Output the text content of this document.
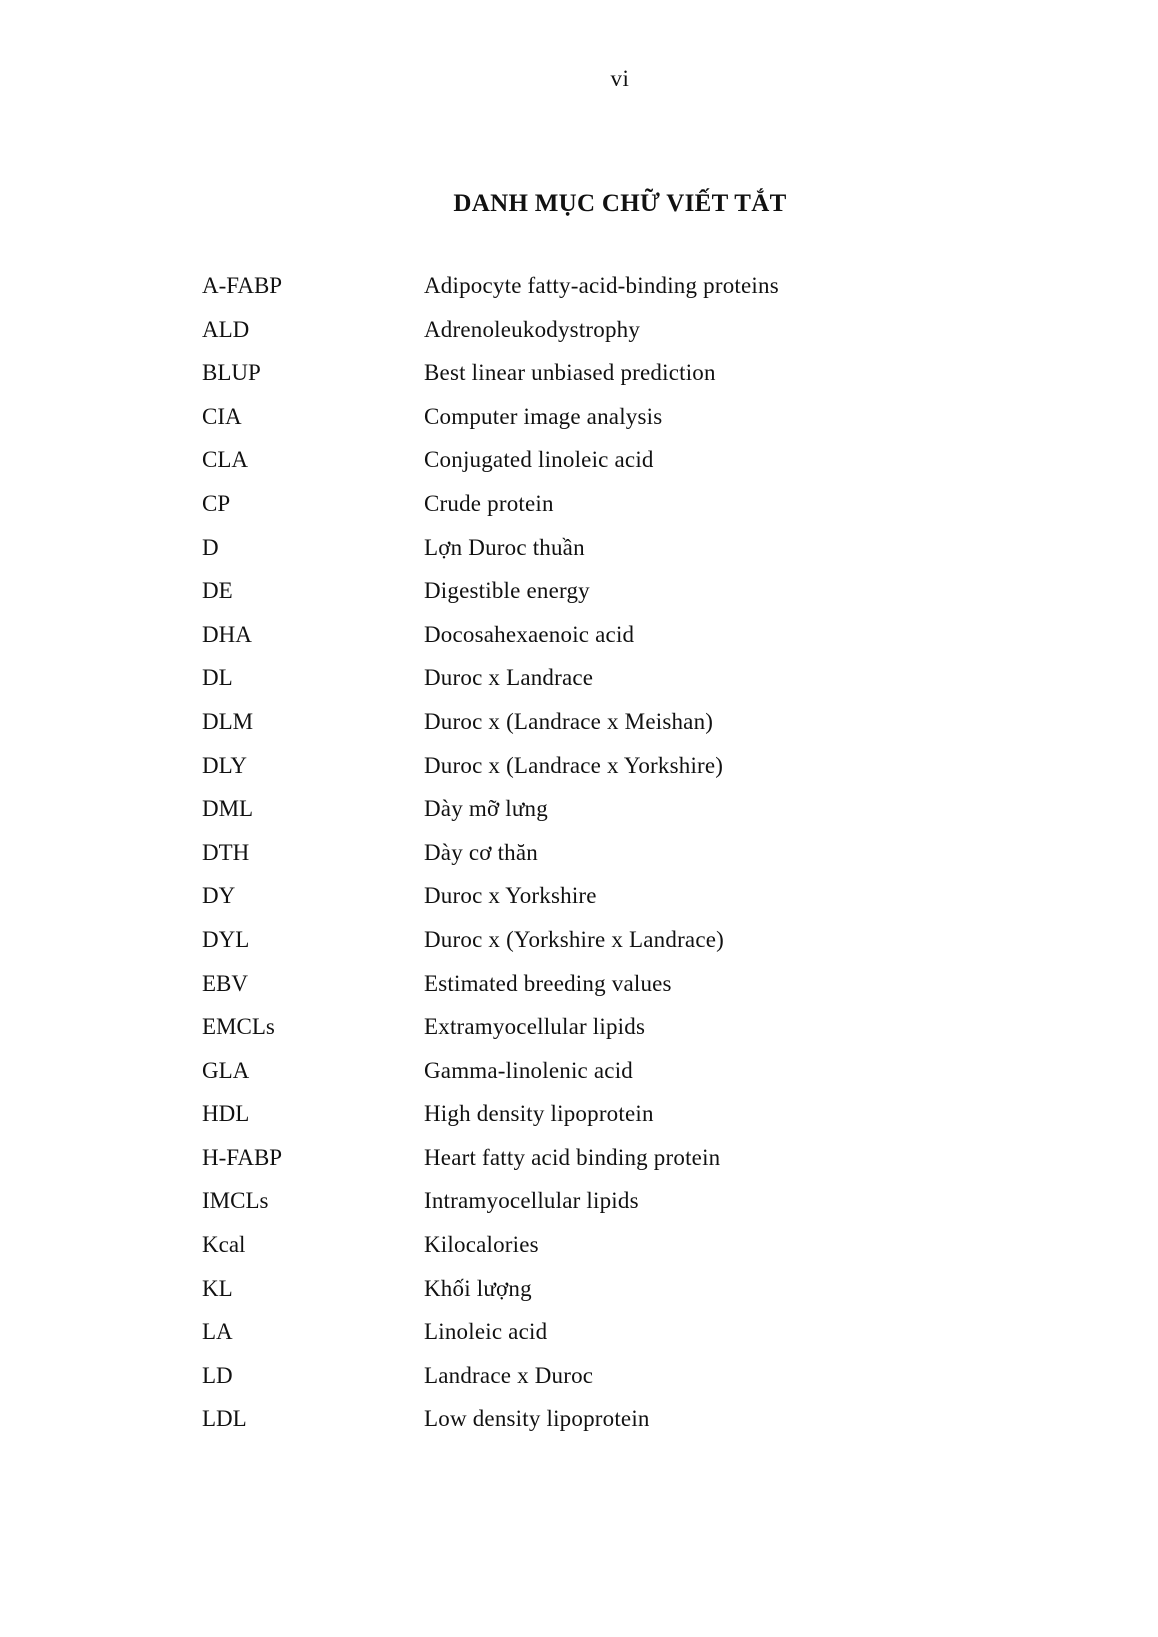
vi
DANH MỤC CHỮ VIẾT TẮT
A-FABP	Adipocyte fatty-acid-binding proteins
ALD	Adrenoleukodystrophy
BLUP	Best linear unbiased prediction
CIA	Computer image analysis
CLA	Conjugated linoleic acid
CP	Crude protein
D	Lợn Duroc thuần
DE	Digestible energy
DHA	Docosahexaenoic acid
DL	Duroc x Landrace
DLM	Duroc x (Landrace x Meishan)
DLY	Duroc x (Landrace x Yorkshire)
DML	Dày mỡ lưng
DTH	Dày cơ thăn
DY	Duroc x Yorkshire
DYL	Duroc x (Yorkshire x Landrace)
EBV	Estimated breeding values
EMCLs	Extramyocellular lipids
GLA	Gamma-linolenic acid
HDL	High density lipoprotein
H-FABP	Heart fatty acid binding protein
IMCLs	Intramyocellular lipids
Kcal	Kilocalories
KL	Khối lượng
LA	Linoleic acid
LD	Landrace x Duroc
LDL	Low density lipoprotein
